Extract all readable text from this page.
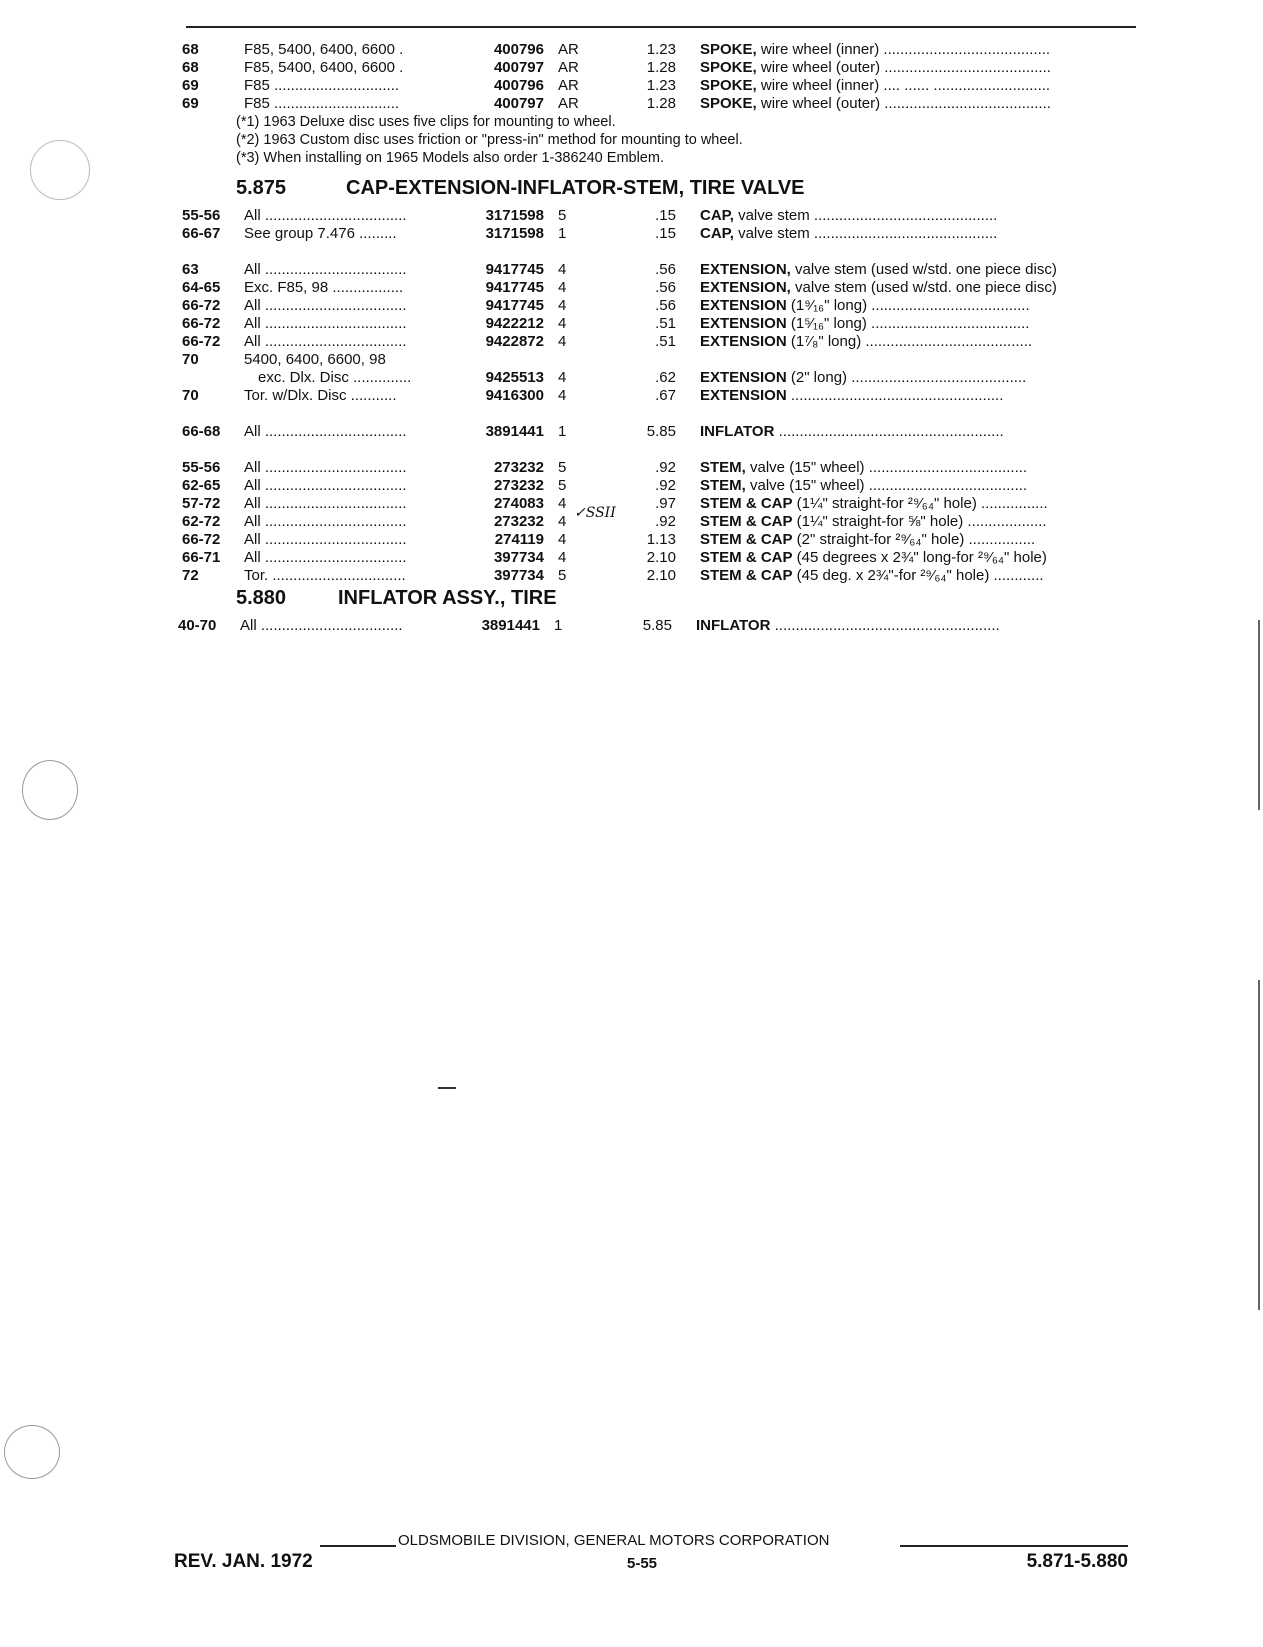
68	F85, 5400, 6400, 6600 .	400796 AR	1.23 SPOKE, wire wheel (inner) ........................................
68	F85, 5400, 6400, 6600 .	400797 AR	1.28 SPOKE, wire wheel (outer) ........................................
69	F85 ..............................	400796 AR	1.23 SPOKE, wire wheel (inner) .... ...... ............................
69	F85 ..............................	400797 AR	1.28 SPOKE, wire wheel (outer) ........................................
(*1) 1963 Deluxe disc uses five clips for mounting to wheel.
(*2) 1963 Custom disc uses friction or "press-in" method for mounting to wheel.
(*3) When installing on 1965 Models also order 1-386240 Emblem.
5.875	CAP-EXTENSION-INFLATOR-STEM, TIRE VALVE
55-56 All ..................................	3171598 5	.15 CAP, valve stem ............................................
66-67 See group 7.476 .........	3171598 1	.15 CAP, valve stem ............................................
63	All ..................................	9417745 4	.56 EXTENSION, valve stem (used w/std. one piece disc)
64-65 Exc. F85, 98 .................	9417745 4	.56 EXTENSION, valve stem (used w/std. one piece disc)
66-72 All ..................................	9417745 4	.56 EXTENSION (1⁹⁄₁₆" long) ......................................
66-72 All ..................................	9422212 4	.51 EXTENSION (1⁵⁄₁₆" long) ......................................
66-72 All ..................................	9422872 4	.51 EXTENSION (1⁷⁄₈" long) ........................................
70	5400, 6400, 6600, 98
exc. Dlx. Disc ..............	9425513 4	.62 EXTENSION (2" long) ..........................................
70	Tor. w/Dlx. Disc ...........	9416300 4	.67 EXTENSION ...................................................
66-68 All ..................................	3891441 1	5.85 INFLATOR ......................................................
55-56 All ..................................	273232 5	.92 STEM, valve (15" wheel) ......................................
62-65 All ..................................	273232 5	.92 STEM, valve (15" wheel) ......................................
57-72 All ..................................	274083 4	.97 STEM & CAP (1¼" straight-for ²⁹⁄₆₄" hole) ................
62-72 All ..................................	273232 4	.92 STEM & CAP (1¼" straight-for ⅝" hole) ...................
66-72 All ..................................	274119 4	1.13 STEM & CAP (2" straight-for ²⁹⁄₆₄" hole) ................
66-71 All ..................................	397734 4	2.10 STEM & CAP (45 degrees x 2¾" long-for ²⁹⁄₆₄" hole)
72	Tor. ................................	397734 5	2.10 STEM & CAP (45 deg. x 2¾"-for ²⁹⁄₆₄" hole) ............
✓SSII
5.880	INFLATOR ASSY., TIRE
40-70 All ..................................	3891441 1	5.85 INFLATOR ......................................................
OLDSMOBILE DIVISION, GENERAL MOTORS CORPORATION
REV. JAN. 1972	5-55	5.871-5.880
